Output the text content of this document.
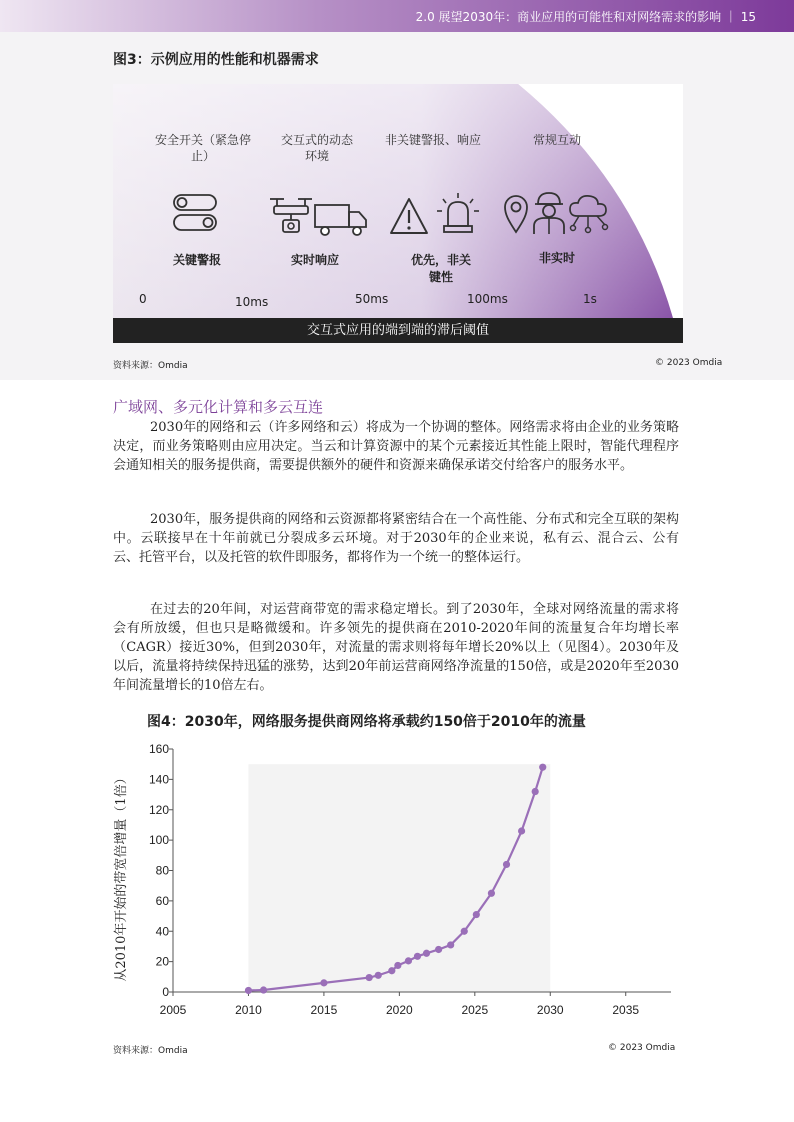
2.0 展望2030年：商业应用的可能性和对网络需求的影响 ｜ 15
图3：示例应用的性能和机器需求
安全开关（紧急停止）
交互式的动态环境
非关键警报、响应	常规互动
关键警报	实时响应	优先，非关键性
非实时
0	10ms	50ms	100ms	1s
交互式应用的端到端的滞后阈值
资料来源：Omdia	© 2023 Omdia
广域网、多元化计算和多云互连

2030年的网络和云（许多网络和云）将成为一个协调的整体。网络需求将由企业的业务策略决定，而业务策略则由应用决定。当云和计算资源中的某个元素接近其性能上限时，智能代理程序会通知相关的服务提供商，需要提供额外的硬件和资源来确保承诺交付给客户的服务水平。

2030年，服务提供商的网络和云资源都将紧密结合在一个高性能、分布式和完全互联的架构中。云联接早在十年前就已分裂成多云环境。对于2030年的企业来说，私有云、混合云、公有云、托管平台，以及托管的软件即服务，都将作为一个统一的整体运行。

在过去的20年间，对运营商带宽的需求稳定增长。到了2030年，全球对网络流量的需求将会有所放缓，但也只是略微缓和。许多领先的提供商在2010-2020年间的流量复合年均增长率（CAGR）接近30%，但到2030年，对流量的需求则将每年增长20%以上（见图4）。2030年及以后，流量将持续保持迅猛的涨势，达到20年前运营商网络净流量的150倍，或是2020年至2030年间流量增长的10倍左右。

图4：2030年，网络服务提供商网络将承载约150倍于2010年的流量
2005	2010	2015	2020	2025	2030	2035
0
20
40
60
80
100
120
140
160
从2010年开始的带宽倍增量（1倍）
资料来源：Omdia	© 2023 Omdia
